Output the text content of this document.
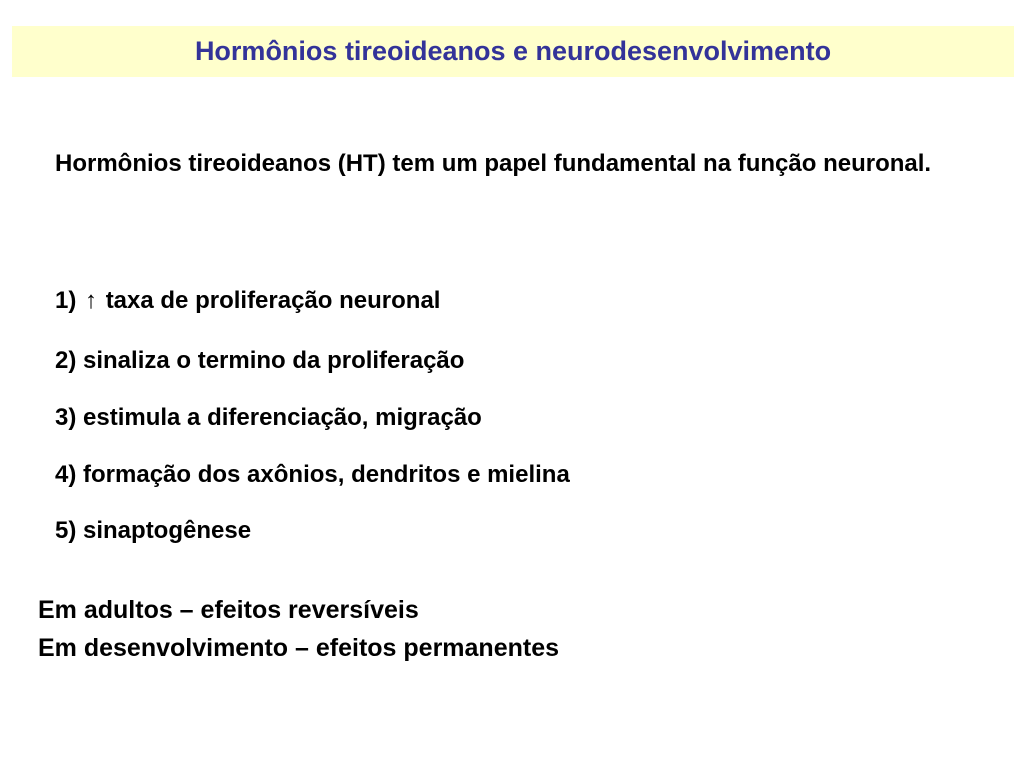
Hormônios tireoideanos e neurodesenvolvimento
Hormônios tireoideanos (HT) tem um papel fundamental na função neuronal.
1) ↑ taxa de proliferação neuronal
2) sinaliza o termino da proliferação
3) estimula a diferenciação, migração
4) formação dos axônios, dendritos e mielina
5) sinaptogênese
Em adultos – efeitos reversíveis
Em desenvolvimento – efeitos permanentes
